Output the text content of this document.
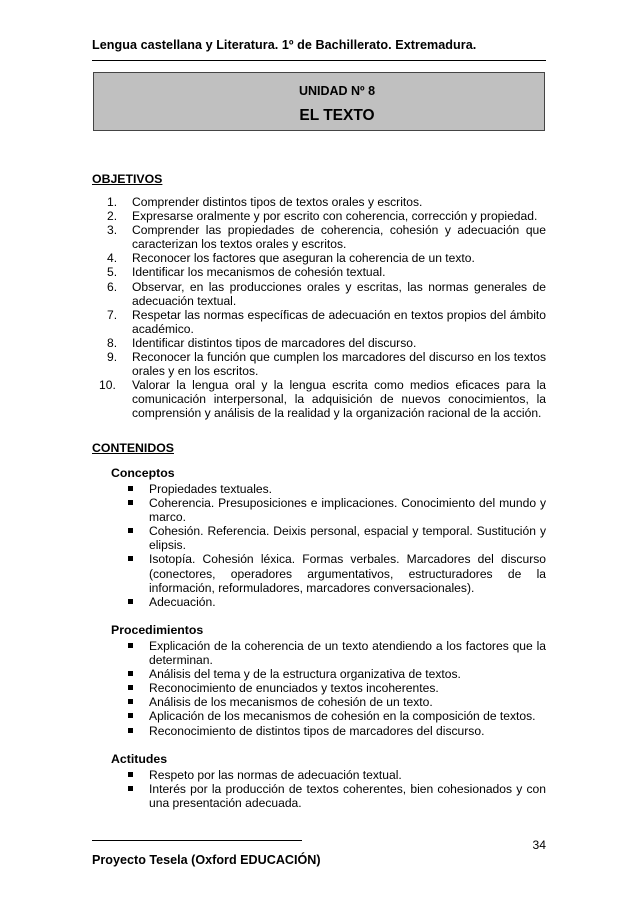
Lengua castellana y Literatura. 1º de Bachillerato. Extremadura.
UNIDAD Nº 8
EL TEXTO
OBJETIVOS
1. Comprender distintos tipos de textos orales y escritos.
2. Expresarse oralmente y por escrito con coherencia, corrección y propiedad.
3. Comprender las propiedades de coherencia, cohesión y adecuación que caracterizan los textos orales y escritos.
4. Reconocer los factores que aseguran la coherencia de un texto.
5. Identificar los mecanismos de cohesión textual.
6. Observar, en las producciones orales y escritas, las normas generales de adecuación textual.
7. Respetar las normas específicas de adecuación en textos propios del ámbito académico.
8. Identificar distintos tipos de marcadores del discurso.
9. Reconocer la función que cumplen los marcadores del discurso en los textos orales y en los escritos.
10. Valorar la lengua oral y la lengua escrita como medios eficaces para la comunicación interpersonal, la adquisición de nuevos conocimientos, la comprensión y análisis de la realidad y la organización racional de la acción.
CONTENIDOS
Conceptos
Propiedades textuales.
Coherencia. Presuposiciones e implicaciones. Conocimiento del mundo y marco.
Cohesión. Referencia. Deixis personal, espacial y temporal. Sustitución y elipsis.
Isotopía. Cohesión léxica. Formas verbales. Marcadores del discurso (conectores, operadores argumentativos, estructuradores de la información, reformuladores, marcadores conversacionales).
Adecuación.
Procedimientos
Explicación de la coherencia de un texto atendiendo a los factores que la determinan.
Análisis del tema y de la estructura organizativa de textos.
Reconocimiento de enunciados y textos incoherentes.
Análisis de los mecanismos de cohesión de un texto.
Aplicación de los mecanismos de cohesión en la composición de textos.
Reconocimiento de distintos tipos de marcadores del discurso.
Actitudes
Respeto por las normas de adecuación textual.
Interés por la producción de textos coherentes, bien cohesionados y con una presentación adecuada.
34
Proyecto Tesela (Oxford EDUCACIÓN)
